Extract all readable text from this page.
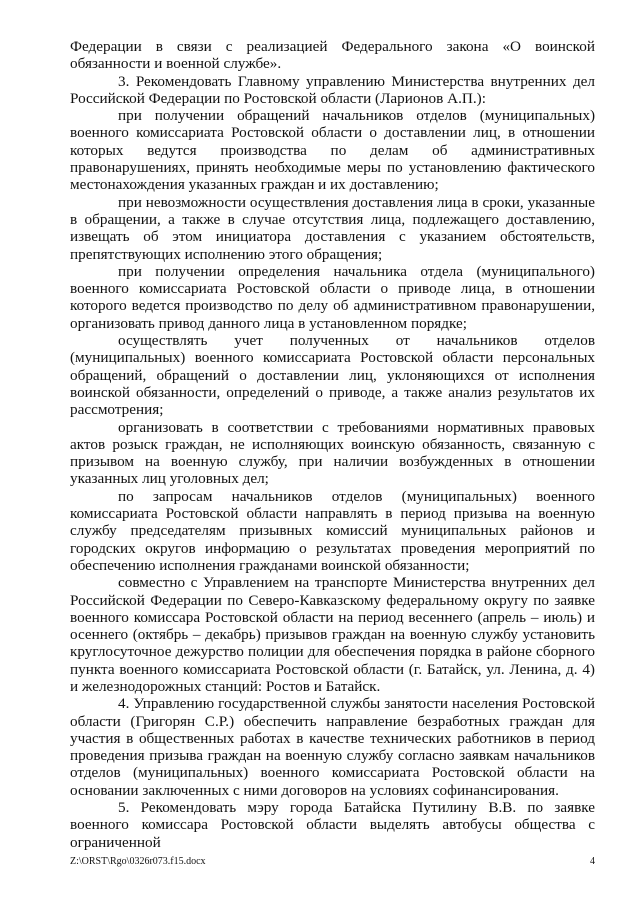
Федерации в связи с реализацией Федерального закона «О воинской обязанности и военной службе».

3. Рекомендовать Главному управлению Министерства внутренних дел Российской Федерации по Ростовской области (Ларионов А.П.):

при получении обращений начальников отделов (муниципальных) военного комиссариата Ростовской области о доставлении лиц, в отношении которых ведутся производства по делам об административных правонарушениях, принять необходимые меры по установлению фактического местонахождения указанных граждан и их доставлению;

при невозможности осуществления доставления лица в сроки, указанные в обращении, а также в случае отсутствия лица, подлежащего доставлению, извещать об этом инициатора доставления с указанием обстоятельств, препятствующих исполнению этого обращения;

при получении определения начальника отдела (муниципального) военного комиссариата Ростовской области о приводе лица, в отношении которого ведется производство по делу об административном правонарушении, организовать привод данного лица в установленном порядке;

осуществлять учет полученных от начальников отделов (муниципальных) военного комиссариата Ростовской области персональных обращений, обращений о доставлении лиц, уклоняющихся от исполнения воинской обязанности, определений о приводе, а также анализ результатов их рассмотрения;

организовать в соответствии с требованиями нормативных правовых актов розыск граждан, не исполняющих воинскую обязанность, связанную с призывом на военную службу, при наличии возбужденных в отношении указанных лиц уголовных дел;

по запросам начальников отделов (муниципальных) военного комиссариата Ростовской области направлять в период призыва на военную службу председателям призывных комиссий муниципальных районов и городских округов информацию о результатах проведения мероприятий по обеспечению исполнения гражданами воинской обязанности;

совместно с Управлением на транспорте Министерства внутренних дел Российской Федерации по Северо-Кавказскому федеральному округу по заявке военного комиссара Ростовской области на период весеннего (апрель – июль) и осеннего (октябрь – декабрь) призывов граждан на военную службу установить круглосуточное дежурство полиции для обеспечения порядка в районе сборного пункта военного комиссариата Ростовской области (г. Батайск, ул. Ленина, д. 4) и железнодорожных станций: Ростов и Батайск.

4. Управлению государственной службы занятости населения Ростовской области (Григорян С.Р.) обеспечить направление безработных граждан для участия в общественных работах в качестве технических работников в период проведения призыва граждан на военную службу согласно заявкам начальников отделов (муниципальных) военного комиссариата Ростовской области на основании заключенных с ними договоров на условиях софинансирования.

5. Рекомендовать мэру города Батайска Путилину В.В. по заявке военного комиссара Ростовской области выделять автобусы общества с ограниченной

Z:\ORST\Rgo\0326r073.f15.docx	4
